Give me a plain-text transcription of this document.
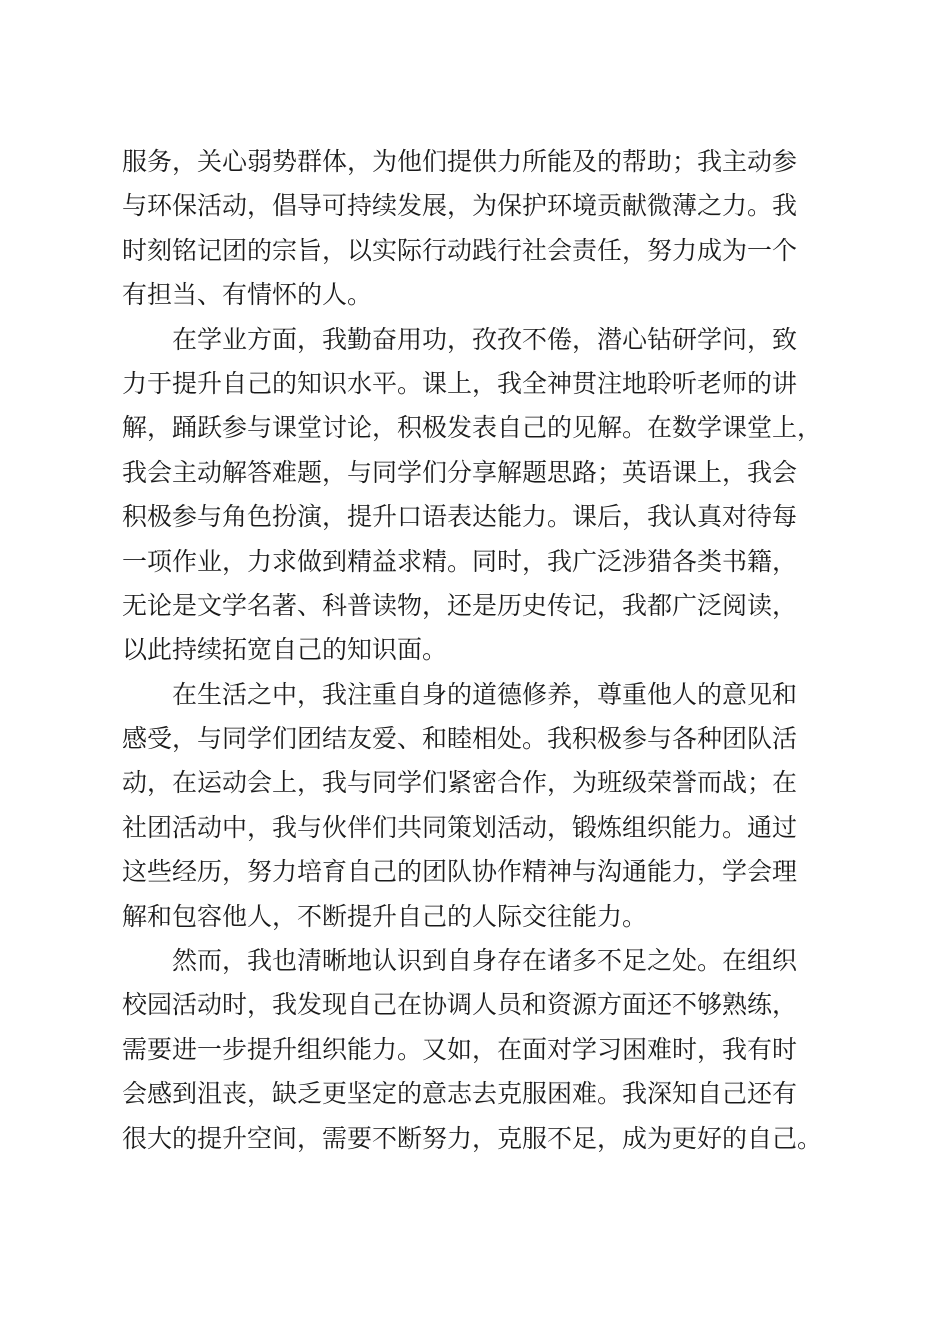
服务，关心弱势群体，为他们提供力所能及的帮助；我主动参
与环保活动，倡导可持续发展，为保护环境贡献微薄之力。我
时刻铭记团的宗旨，以实际行动践行社会责任，努力成为一个
有担当、有情怀的人。
在学业方面，我勤奋用功，孜孜不倦，潜心钻研学问，致
力于提升自己的知识水平。课上，我全神贯注地聆听老师的讲
解，踊跃参与课堂讨论，积极发表自己的见解。在数学课堂上，
我会主动解答难题，与同学们分享解题思路；英语课上，我会
积极参与角色扮演，提升口语表达能力。课后，我认真对待每
一项作业，力求做到精益求精。同时，我广泛涉猎各类书籍，
无论是文学名著、科普读物，还是历史传记，我都广泛阅读，
以此持续拓宽自己的知识面。
在生活之中，我注重自身的道德修养，尊重他人的意见和
感受，与同学们团结友爱、和睦相处。我积极参与各种团队活
动，在运动会上，我与同学们紧密合作，为班级荣誉而战；在
社团活动中，我与伙伴们共同策划活动，锻炼组织能力。通过
这些经历，努力培育自己的团队协作精神与沟通能力，学会理
解和包容他人，不断提升自己的人际交往能力。
然而，我也清晰地认识到自身存在诸多不足之处。在组织
校园活动时，我发现自己在协调人员和资源方面还不够熟练，
需要进一步提升组织能力。又如，在面对学习困难时，我有时
会感到沮丧，缺乏更坚定的意志去克服困难。我深知自己还有
很大的提升空间，需要不断努力，克服不足，成为更好的自己。
